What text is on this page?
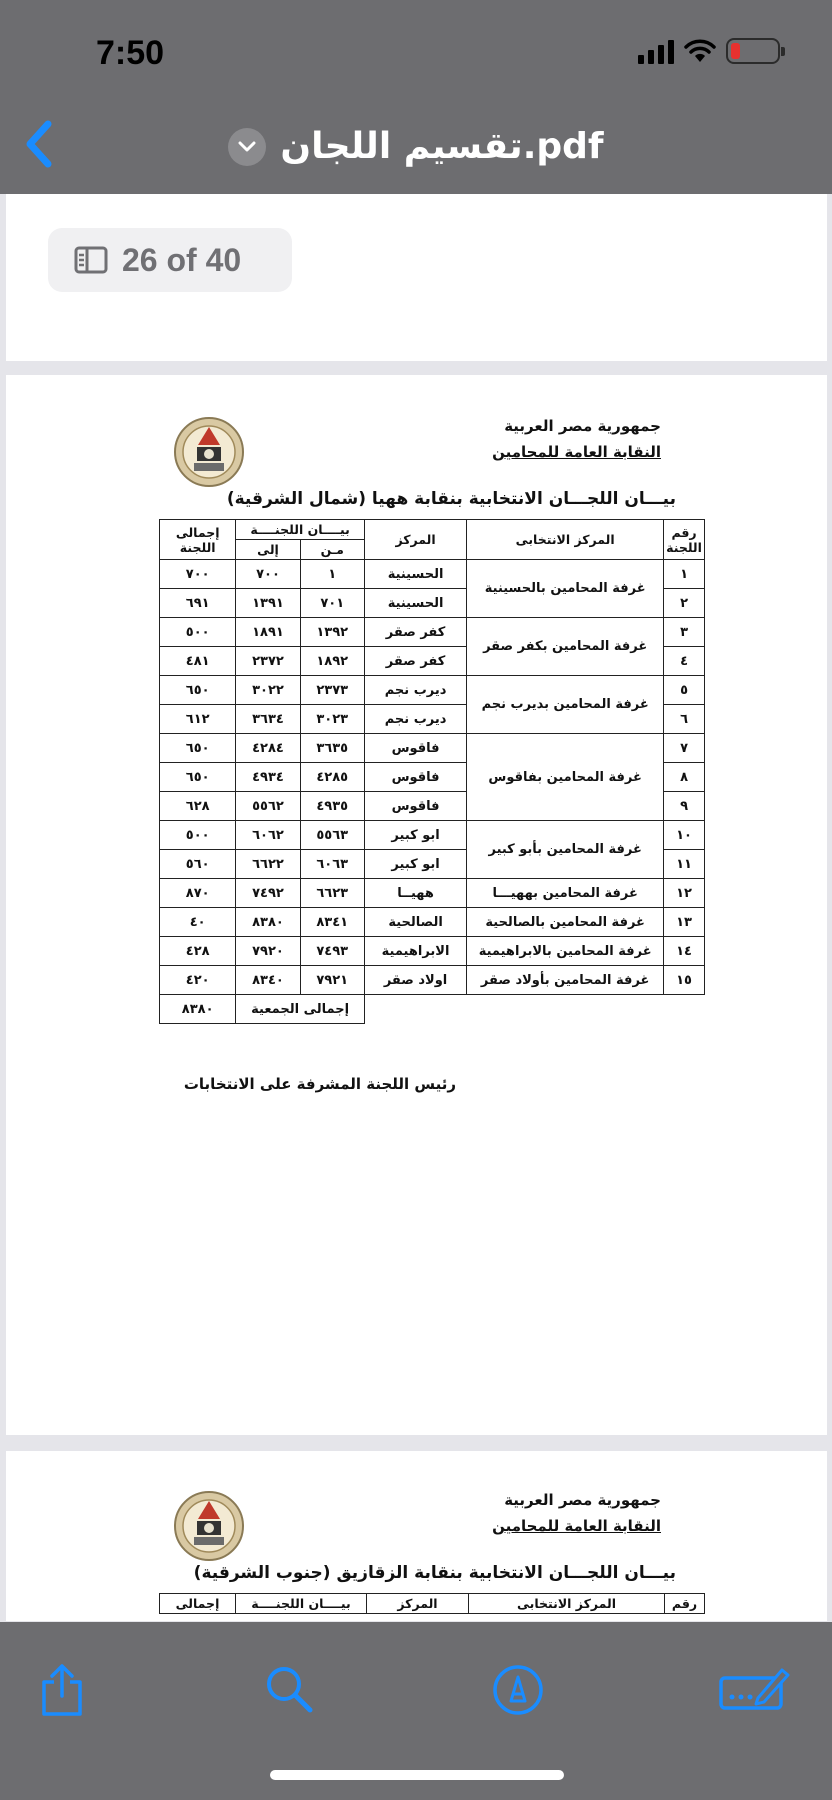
7:50
تقسيم اللجان.pdf
26 of 40
جمهورية مصر العربية
النقابة العامة للمحامين
بيـــان اللجـــان الانتخابية بنقابة ههيا (شمال الشرقية)
رقم اللجنة	المركز الانتخابى	المركز	بيــــان اللجنــــة		إجمالى اللجنة
			مـن	إلى	
١	غرفة المحامين بالحسينية	الحسينية	١	٧٠٠	٧٠٠
٢		الحسينية	٧٠١	١٣٩١	٦٩١
٣	غرفة المحامين بكفر صقر	كفر صقر	١٣٩٢	١٨٩١	٥٠٠
٤		كفر صقر	١٨٩٢	٢٣٧٢	٤٨١
٥	غرفة المحامين بديرب نجم	ديرب نجم	٢٣٧٣	٣٠٢٢	٦٥٠
٦		ديرب نجم	٣٠٢٣	٣٦٣٤	٦١٢
٧	غرفة المحامين بفاقوس	فاقوس	٣٦٣٥	٤٢٨٤	٦٥٠
٨		فاقوس	٤٢٨٥	٤٩٣٤	٦٥٠
٩		فاقوس	٤٩٣٥	٥٥٦٢	٦٢٨
١٠	غرفة المحامين بأبو كبير	ابو كبير	٥٥٦٣	٦٠٦٢	٥٠٠
١١		ابو كبير	٦٠٦٣	٦٦٢٢	٥٦٠
١٢	غرفة المحامين بههيـــا	ههيــا	٦٦٢٣	٧٤٩٢	٨٧٠
١٣	غرفة المحامين بالصالحية	الصالحية	٨٣٤١	٨٣٨٠	٤٠
١٤	غرفة المحامين بالابراهيمية	الابراهيمية	٧٤٩٣	٧٩٢٠	٤٢٨
١٥	غرفة المحامين بأولاد صقر	اولاد صقر	٧٩٢١	٨٣٤٠	٤٢٠
			إجمالى الجمعية		٨٣٨٠
رئيس اللجنة المشرفة على الانتخابات
جمهورية مصر العربية
النقابة العامة للمحامين
بيـــان اللجـــان الانتخابية بنقابة الزقازيق (جنوب الشرقية)
رقم	المركز الانتخابى	المركز	بيــــان اللجنــــة	إجمالى
